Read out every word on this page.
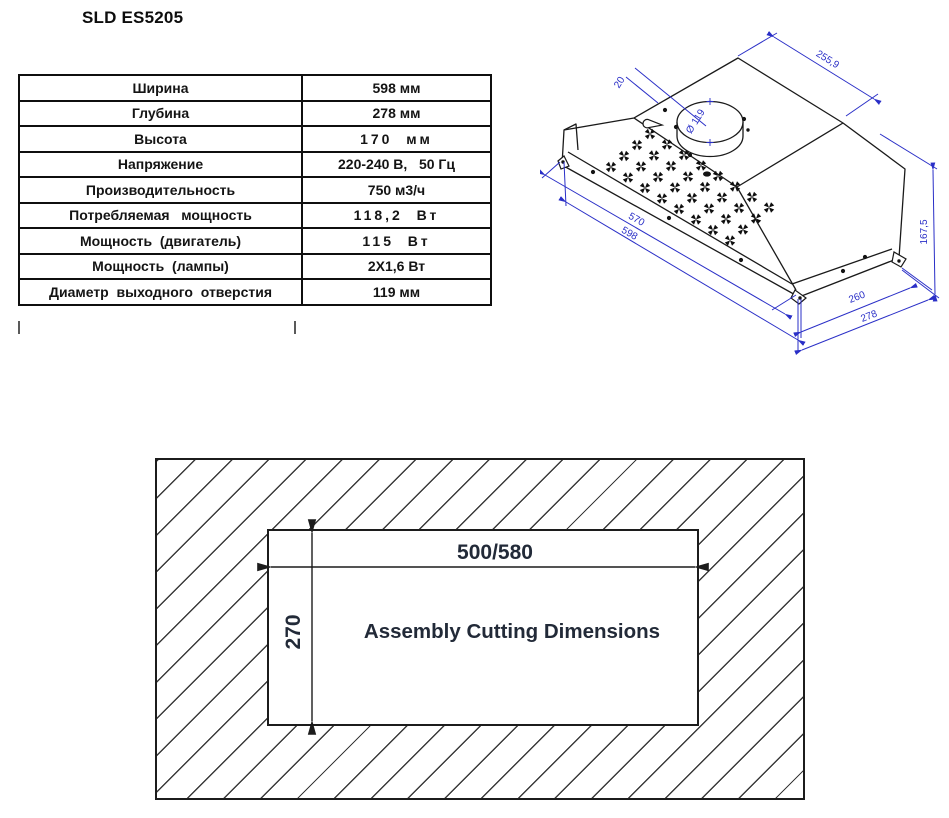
SLD ES5205
Ширина	598 мм
Глубина	278 мм
Высота	170  мм
Напряжение	220-240 В,   50 Гц
Производительность	750 м3/ч
Потребляемая   мощность	118,2  Вт
Мощность  (двигатель)	115  Вт
Мощность  (лампы)	2X1,6 Вт
Диаметр  выходного  отверстия	119 мм
255,9
20
Ø 119
570
598	167,5
260
278
500/580
270	Assembly Cutting Dimensions
